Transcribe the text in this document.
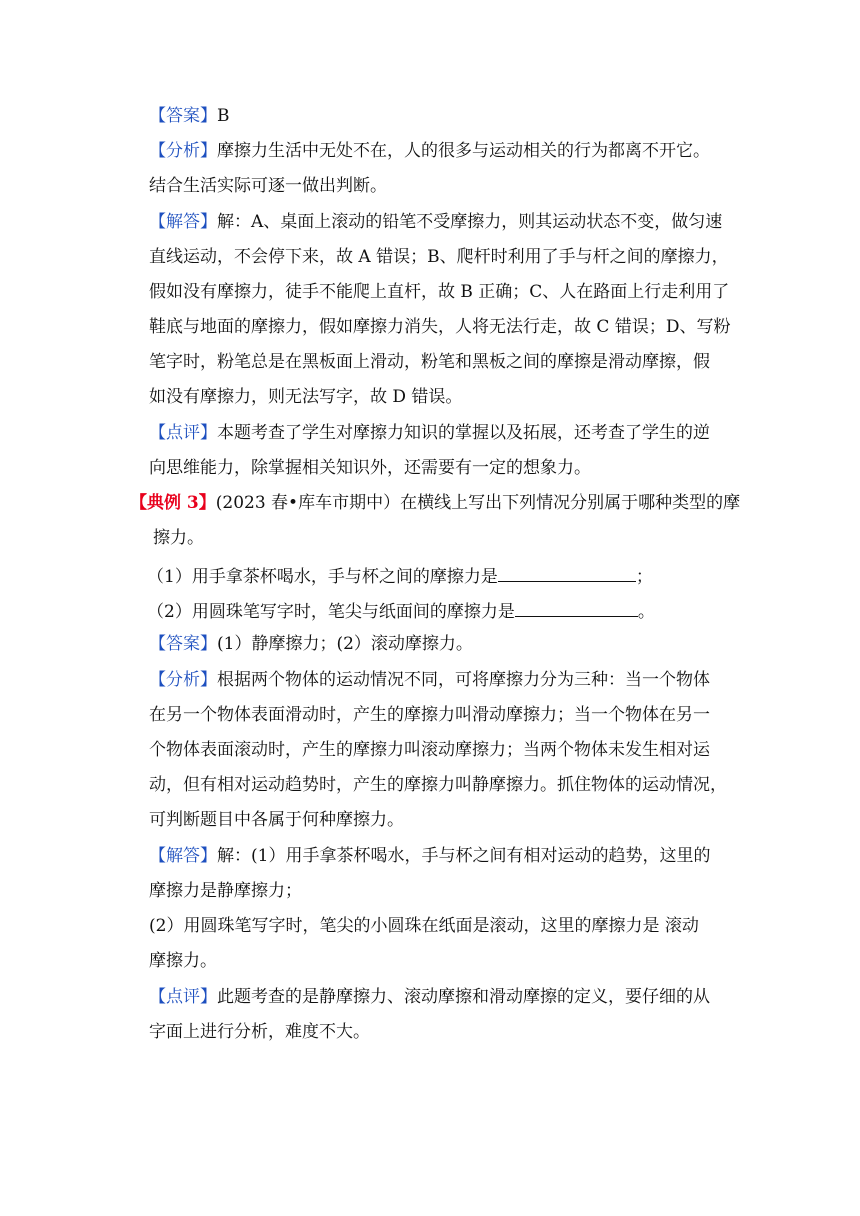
【答案】B
【分析】摩擦力生活中无处不在，人的很多与运动相关的行为都离不开它。
结合生活实际可逐一做出判断。
【解答】解：A、桌面上滚动的铅笔不受摩擦力，则其运动状态不变，做匀速
直线运动，不会停下来，故 A 错误；B、爬杆时利用了手与杆之间的摩擦力，
假如没有摩擦力，徒手不能爬上直杆，故 B 正确；C、人在路面上行走利用了
鞋底与地面的摩擦力，假如摩擦力消失，人将无法行走，故 C 错误；D、写粉
笔字时，粉笔总是在黑板面上滑动，粉笔和黑板之间的摩擦是滑动摩擦，假
如没有摩擦力，则无法写字，故 D 错误。
【点评】本题考查了学生对摩擦力知识的掌握以及拓展，还考查了学生的逆
向思维能力，除掌握相关知识外，还需要有一定的想象力。
【典例 3】(2023 春•库车市期中）在横线上写出下列情况分别属于哪种类型的摩
擦力。
（1）用手拿茶杯喝水，手与杯之间的摩擦力是	；
（2）用圆珠笔写字时，笔尖与纸面间的摩擦力是	。
【答案】(1）静摩擦力；(2）滚动摩擦力。
【分析】根据两个物体的运动情况不同，可将摩擦力分为三种：当一个物体
在另一个物体表面滑动时，产生的摩擦力叫滑动摩擦力；当一个物体在另一
个物体表面滚动时，产生的摩擦力叫滚动摩擦力；当两个物体未发生相对运
动，但有相对运动趋势时，产生的摩擦力叫静摩擦力。抓住物体的运动情况，
可判断题目中各属于何种摩擦力。
【解答】解：(1）用手拿茶杯喝水，手与杯之间有相对运动的趋势，这里的
摩擦力是静摩擦力；
(2）用圆珠笔写字时，笔尖的小圆珠在纸面是滚动，这里的摩擦力是 滚动
摩擦力。
【点评】此题考查的是静摩擦力、滚动摩擦和滑动摩擦的定义，要仔细的从
字面上进行分析，难度不大。
